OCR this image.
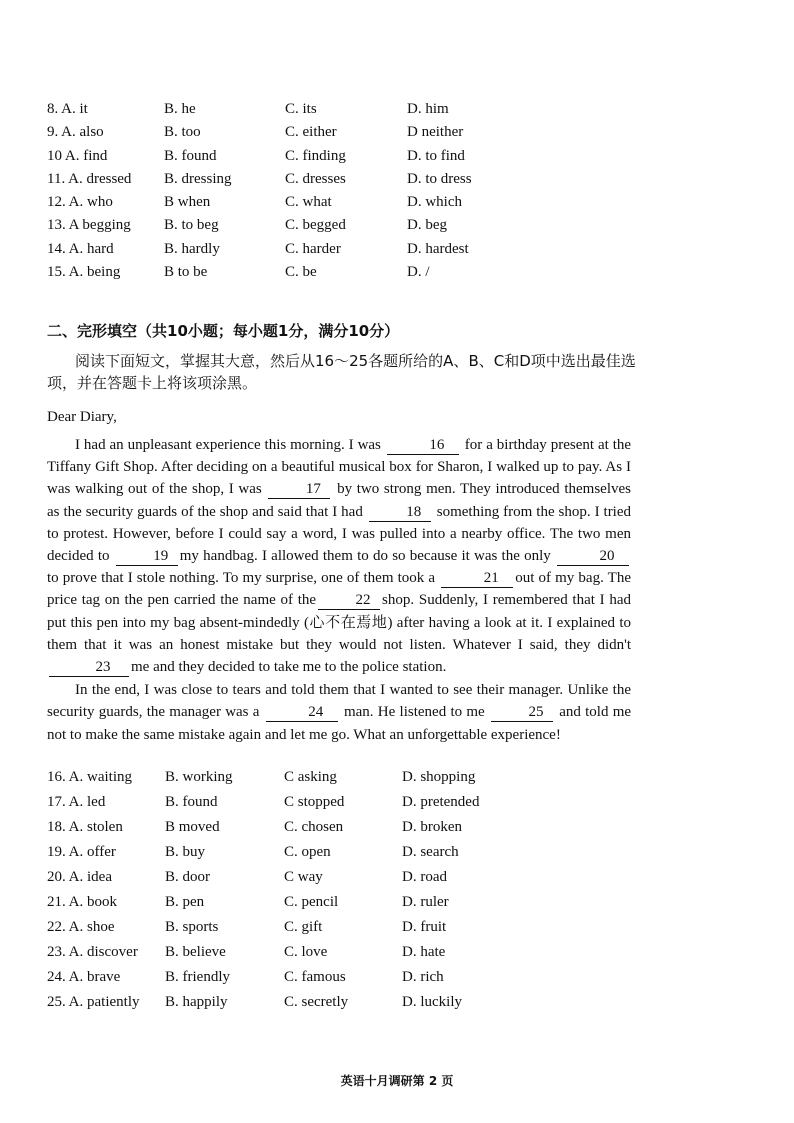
8. A. it	B. he	C. its	D. him
9. A. also	B. too	C. either	D neither
10 A. find	B. found	C. finding	D. to find
11. A. dressed B. dressing	C. dresses	D. to dress
12. A. who	B when	C. what	D. which
13. A begging B. to beg	C. begged	D. beg
14. A. hard	B. hardly	C. harder	D. hardest
15. A. being	B to be	C. be	D. /
二、完形填空（共10小题；每小题1分，满分10分）
阅读下面短文，掌握其大意，然后从16～25各题所给的A、B、C和D项中选出最佳选项，并在答题卡上将该项涂黑。
Dear Diary,

I had an unpleasant experience this morning. I was	16 for a birthday present at the Tiffany Gift Shop. After deciding on a beautiful musical box for Sharon, I walked up to pay. As I was walking out of the shop, I was	17 by two strong men. They introduced themselves as the security guards of the shop and said that I had	18 something from the shop. I tried to protest. However, before I could say a word, I was pulled into a nearby office. The two men decided to	19 my handbag. I allowed them to do so because it was the only	20 to prove that I stole nothing. To my surprise, one of them took a	21 out of my bag. The price tag on the pen carried the name of the	22 shop. Suddenly, I remembered that I had put this pen into my bag absent-mindedly (心不在焉地) after having a look at it. I explained to them that it was an honest mistake but they would not listen. Whatever I said, they didn't 23 me and they decided to take me to the police station.

In the end, I was close to tears and told them that I wanted to see their manager. Unlike the security guards, the manager was a	24 man. He listened to me	25 and told me not to make the same mistake again and let me go. What an unforgettable experience!

16. A. waiting B. working	C asking	D. shopping
17. A. led	B. found	C stopped	D. pretended
18. A. stolen	B moved	C. chosen	D. broken
19. A. offer	B. buy	C. open	D. search
20. A. idea	B. door	C way	D. road
21. A. book	B. pen	C. pencil	D. ruler
22. A. shoe	B. sports	C. gift	D. fruit
23. A. discover B. believe	C. love	D. hate
24. A. brave	B. friendly	C. famous	D. rich
25. A. patiently B. happily	C. secretly	D. luckily
英语十月调研第 2 页
